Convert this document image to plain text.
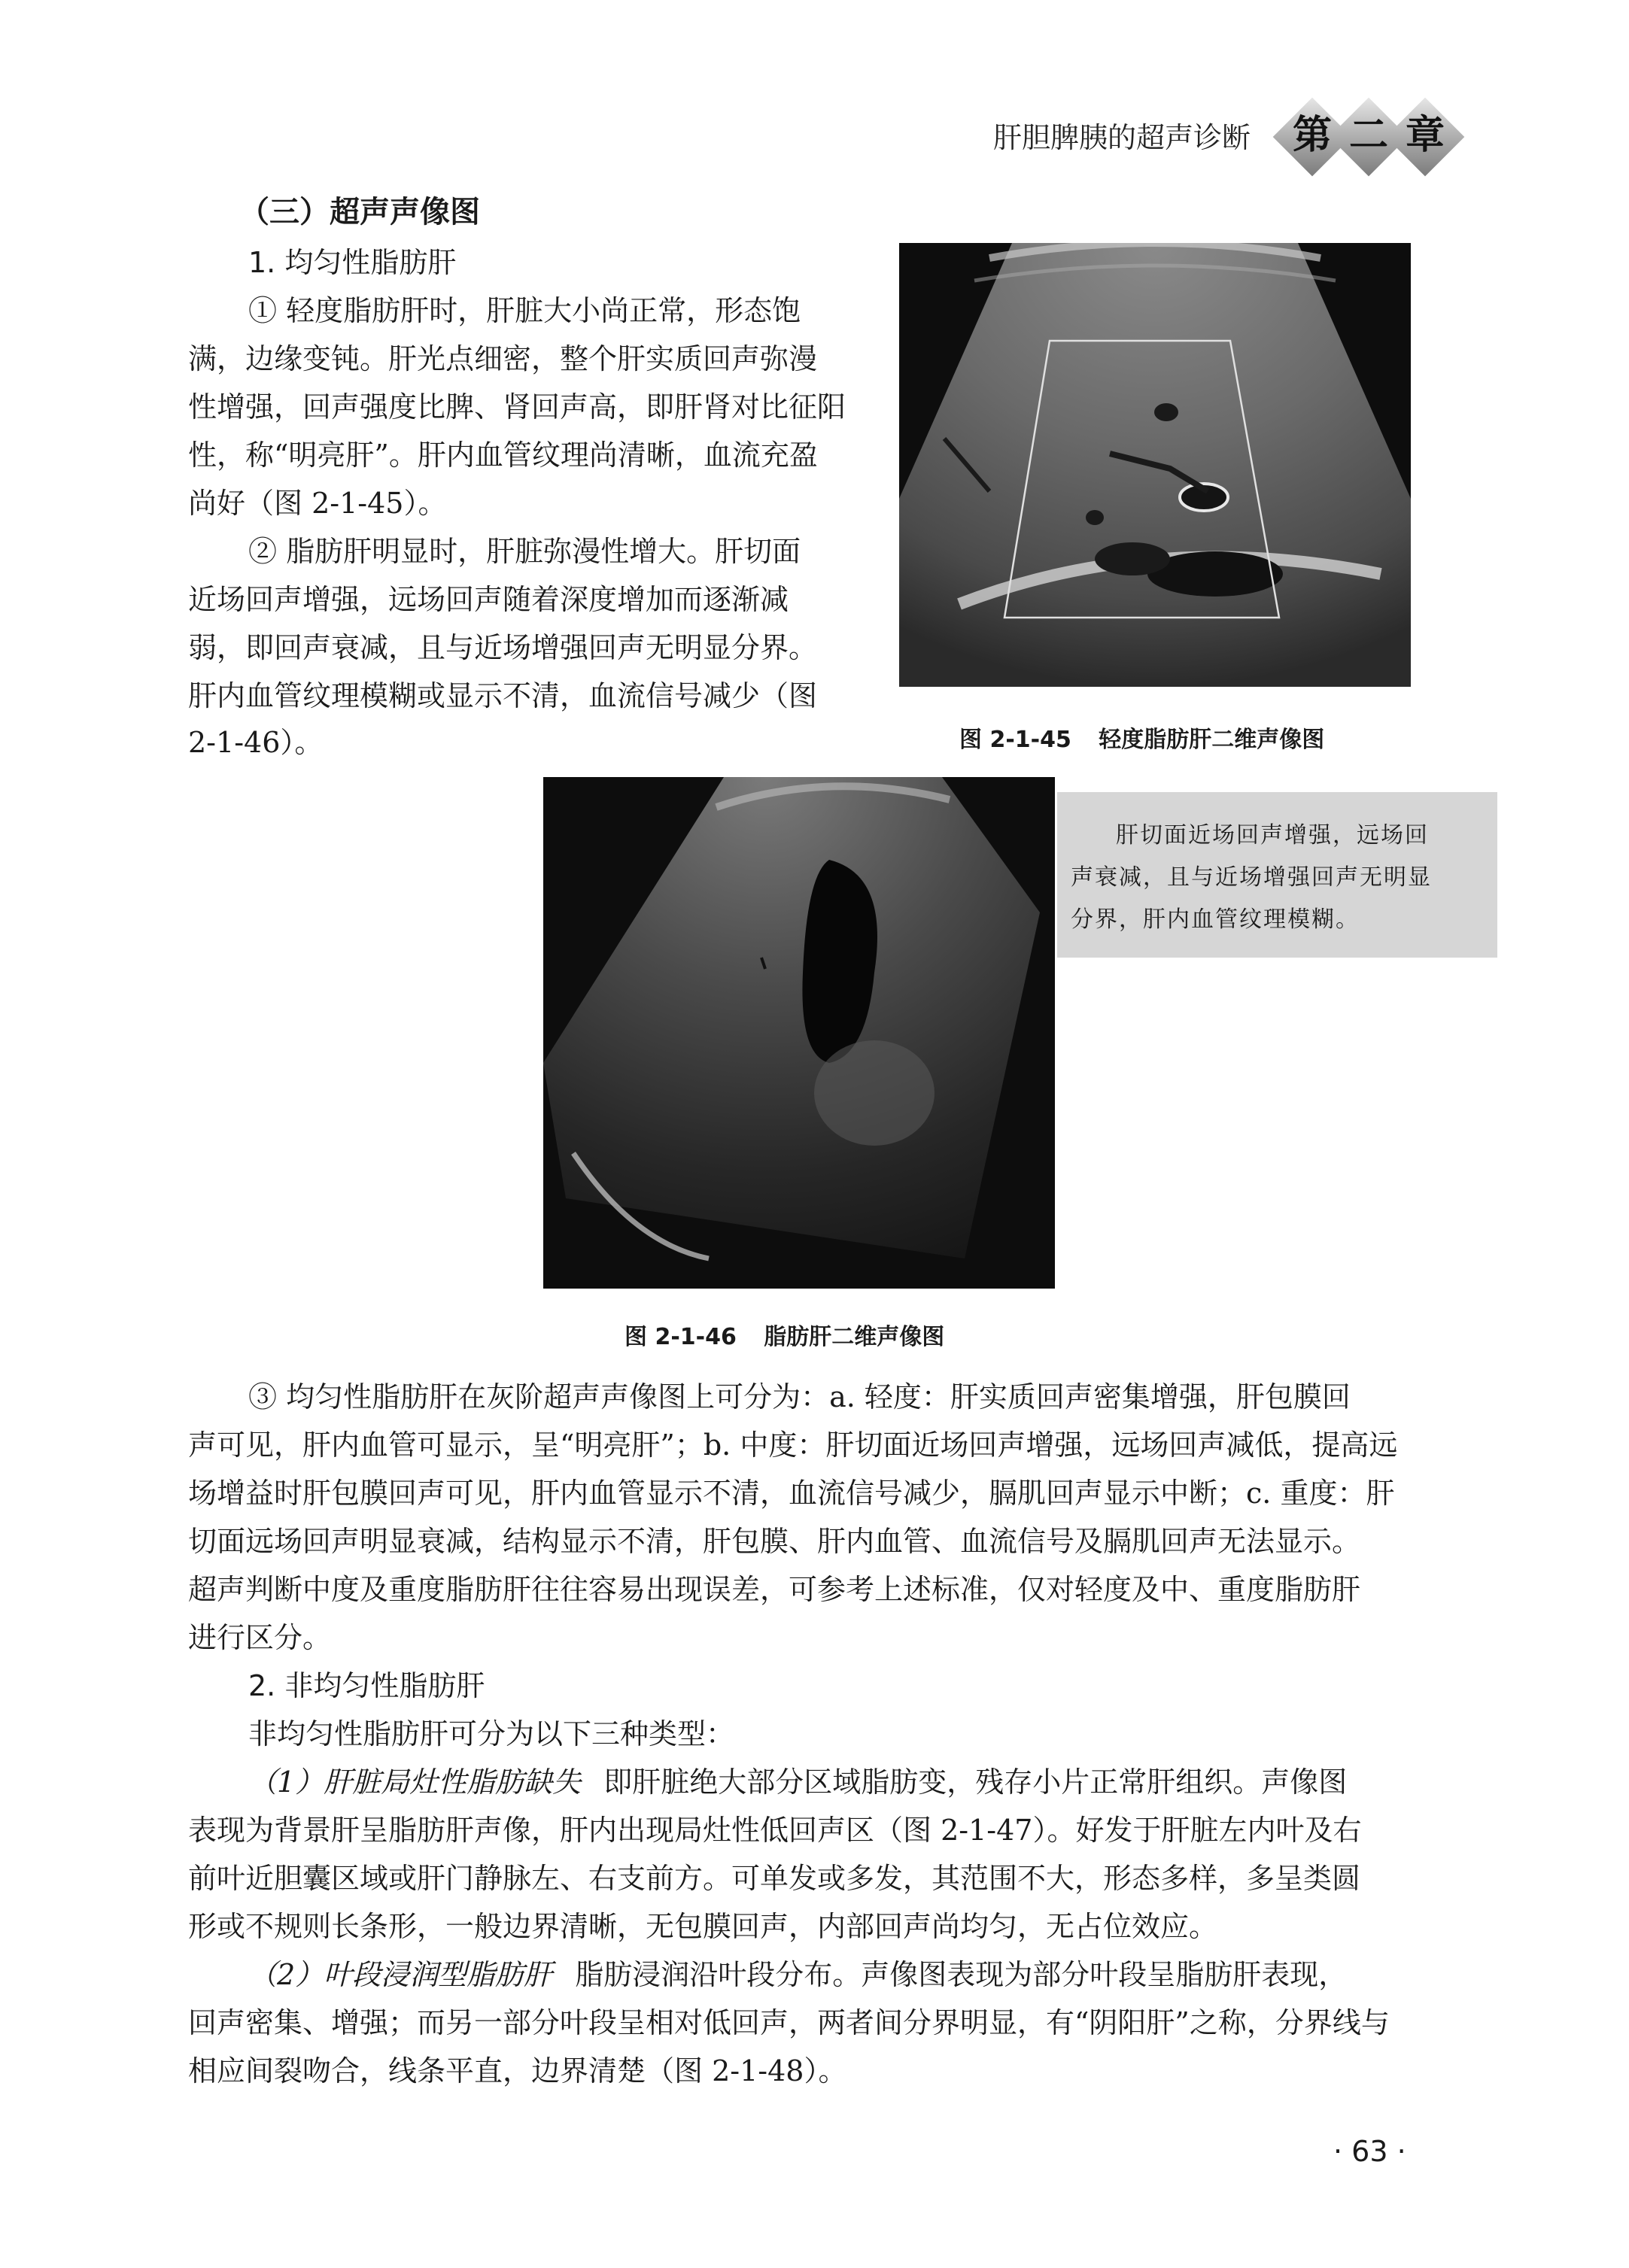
肝胆脾胰的超声诊断	第 二 章
（三）超声声像图
1. 均匀性脂肪肝
① 轻度脂肪肝时，肝脏大小尚正常，形态饱
满，边缘变钝。肝光点细密，整个肝实质回声弥漫
性增强，回声强度比脾、肾回声高，即肝肾对比征阳
性，称“明亮肝”。肝内血管纹理尚清晰，血流充盈
尚好（图 2-1-45）。
② 脂肪肝明显时，肝脏弥漫性增大。肝切面
近场回声增强，远场回声随着深度增加而逐渐减
弱，即回声衰减，且与近场增强回声无明显分界。
肝内血管纹理模糊或显示不清，血流信号减少（图
2-1-46）。	图 2-1-45 轻度脂肪肝二维声像图
图 2-1-46 脂肪肝二维声像图
肝切面近场回声增强，远场回
声衰减，且与近场增强回声无明显
分界，肝内血管纹理模糊。
③ 均匀性脂肪肝在灰阶超声声像图上可分为：a. 轻度：肝实质回声密集增强，肝包膜回
声可见，肝内血管可显示，呈“明亮肝”；b. 中度：肝切面近场回声增强，远场回声减低，提高远
场增益时肝包膜回声可见，肝内血管显示不清，血流信号减少，膈肌回声显示中断；c. 重度：肝
切面远场回声明显衰减，结构显示不清，肝包膜、肝内血管、血流信号及膈肌回声无法显示。
超声判断中度及重度脂肪肝往往容易出现误差，可参考上述标准，仅对轻度及中、重度脂肪肝
进行区分。
2. 非均匀性脂肪肝
非均匀性脂肪肝可分为以下三种类型：
（1）肝脏局灶性脂肪缺失 即肝脏绝大部分区域脂肪变，残存小片正常肝组织。声像图
表现为背景肝呈脂肪肝声像，肝内出现局灶性低回声区（图 2-1-47）。好发于肝脏左内叶及右
前叶近胆囊区域或肝门静脉左、右支前方。可单发或多发，其范围不大，形态多样，多呈类圆
形或不规则长条形，一般边界清晰，无包膜回声，内部回声尚均匀，无占位效应。
（2）叶段浸润型脂肪肝 脂肪浸润沿叶段分布。声像图表现为部分叶段呈脂肪肝表现，
回声密集、增强；而另一部分叶段呈相对低回声，两者间分界明显，有“阴阳肝”之称，分界线与
相应间裂吻合，线条平直，边界清楚（图 2-1-48）。
· 63 ·
